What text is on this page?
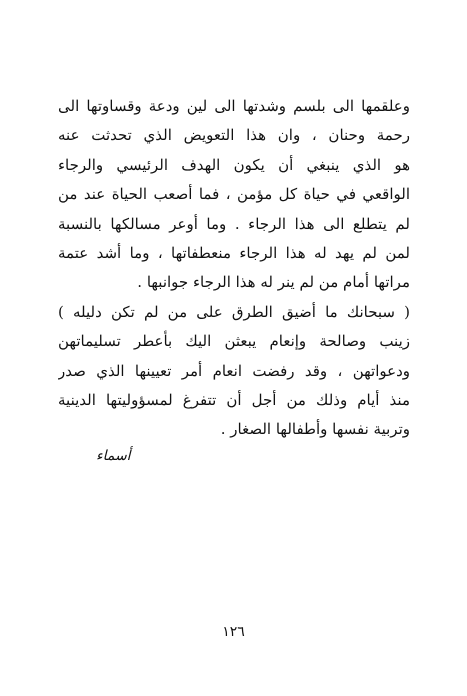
وعلقمها الى بلسم وشدتها الى لين ودعة وقساوتها الى
رحمة وحنان ، وان هذا التعويض الذي تحدثت عنه
هو الذي ينبغي أن يكون الهدف الرئيسي والرجاء
الواقعي في حياة كل مؤمن ، فما أصعب الحياة عند من
لم يتطلع الى هذا الرجاء . وما أوعر مسالكها بالنسبة
لمن لم يهد له هذا الرجاء منعطفاتها ، وما أشد عتمة
مراتها أمام من لم ينر له هذا الرجاء جوانبها .
( سبحانك ما أضيق الطرق على من لم تكن دليله )
زينب وصالحة وإنعام يبعثن اليك بأعطر تسليماتهن
ودعواتهن ، وقد رفضت انعام أمر تعيينها الذي صدر
منذ أيام وذلك من أجل أن تتفرغ لمسؤوليتها الدينية
وتربية نفسها وأطفالها الصغار .
أسماء
١٢٦
